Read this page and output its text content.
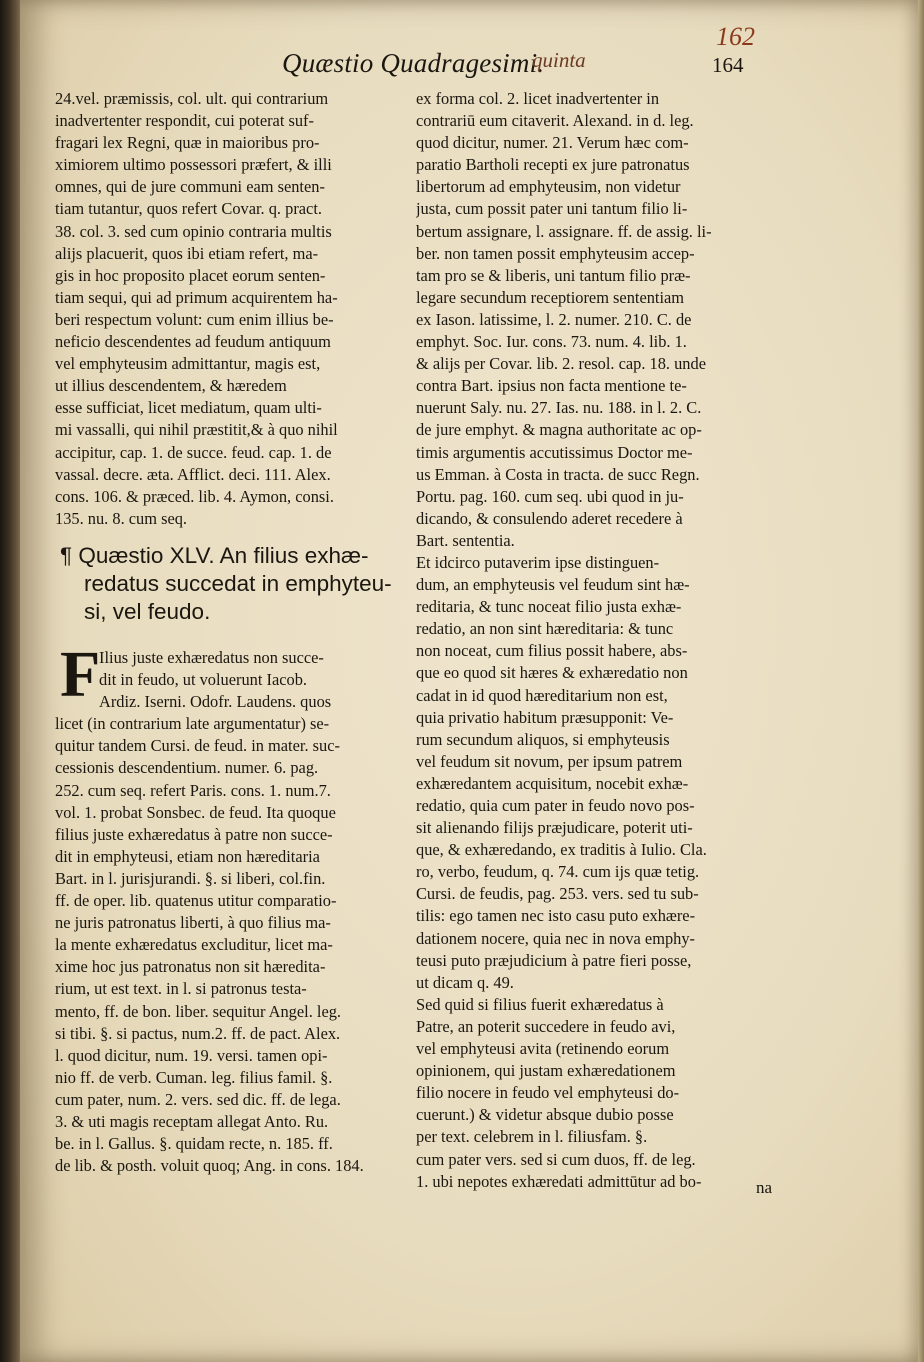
Quæstio Quadragesimi.
quinta	164
162
24.vel. præmissis, col. ult. qui contrarium
inadvertenter respondit, cui poterat suf-
fragari lex Regni, quæ in maioribus pro-
ximiorem ultimo possessori præfert, & illi
omnes, qui de jure communi eam senten-
tiam tutantur, quos refert Covar. q. pract.
38. col. 3. sed cum opinio contraria multis
alijs placuerit, quos ibi etiam refert, ma-
gis in hoc proposito placet eorum senten-
tiam sequi, qui ad primum acquirentem ha-
beri respectum volunt: cum enim illius be-
neficio descendentes ad feudum antiquum
vel emphyteusim admittantur, magis est,
ut illius descendentem, & hæredem
esse sufficiat, licet mediatum, quam ulti-
mi vassalli, qui nihil præstitit,& à quo nihil
accipitur, cap. 1. de succe. feud. cap. 1. de
vassal. decre. æta. Afflict. deci. 111. Alex.
cons. 106. & præced. lib. 4. Aymon, consi.
135. nu. 8. cum seq.
¶ Quæstio XLV. An filius exhæ-
redatus succedat in emphyteu-
si, vel feudo.
F
Ilius juste exhæredatus non succe-
dit in feudo, ut voluerunt Iacob.
Ardiz. Iserni. Odofr. Laudens. quos
licet (in contrarium late argumentatur) se-
quitur tandem Cursi. de feud. in mater. suc-
cessionis descendentium. numer. 6. pag.
252. cum seq. refert Paris. cons. 1. num.7.
vol. 1. probat Sonsbec. de feud. Ita quoque
filius juste exhæredatus à patre non succe-
dit in emphyteusi, etiam non hæreditaria
Bart. in l. jurisjurandi. §. si liberi, col.fin.
ff. de oper. lib. quatenus utitur comparatio-
ne juris patronatus liberti, à quo filius ma-
la mente exhæredatus excluditur, licet ma-
xime hoc jus patronatus non sit hæredita-
rium, ut est text. in l. si patronus testa-
mento, ff. de bon. liber. sequitur Angel. leg.
si tibi. §. si pactus, num.2. ff. de pact. Alex.
l. quod dicitur, num. 19. versi. tamen opi-
nio ff. de verb. Cuman. leg. filius famil. §.
cum pater, num. 2. vers. sed dic. ff. de lega.
3. & uti magis receptam allegat Anto. Ru.
be. in l. Gallus. §. quidam recte, n. 185. ff.
de lib. & posth. voluit quoq; Ang. in cons. 184.
ex forma col. 2. licet inadvertenter in
contrariū eum citaverit. Alexand. in d. leg.
quod dicitur, numer. 21. Verum hæc com-
paratio Bartholi recepti ex jure patronatus
libertorum ad emphyteusim, non videtur
justa, cum possit pater uni tantum filio li-
bertum assignare, l. assignare. ff. de assig. li-
ber. non tamen possit emphyteusim accep-
tam pro se & liberis, uni tantum filio præ-
legare secundum receptiorem sententiam
ex Iason. latissime, l. 2. numer. 210. C. de
emphyt. Soc. Iur. cons. 73. num. 4. lib. 1.
& alijs per Covar. lib. 2. resol. cap. 18. unde
contra Bart. ipsius non facta mentione te-
nuerunt Saly. nu. 27. Ias. nu. 188. in l. 2. C.
de jure emphyt. & magna authoritate ac op-
timis argumentis accutissimus Doctor me-
us Emman. à Costa in tracta. de succ Regn.
Portu. pag. 160. cum seq. ubi quod in ju-
dicando, & consulendo aderet recedere à
Bart. sententia.
Et idcirco putaverim ipse distinguen-
dum, an emphyteusis vel feudum sint hæ-
reditaria, & tunc noceat filio justa exhæ-
redatio, an non sint hæreditaria: & tunc
non noceat, cum filius possit habere, abs-
que eo quod sit hæres & exhæredatio non
cadat in id quod hæreditarium non est,
quia privatio habitum præsupponit: Ve-
rum secundum aliquos, si emphyteusis
vel feudum sit novum, per ipsum patrem
exhæredantem acquisitum, nocebit exhæ-
redatio, quia cum pater in feudo novo pos-
sit alienando filijs præjudicare, poterit uti-
que, & exhæredando, ex traditis à Iulio. Cla.
ro, verbo, feudum, q. 74. cum ijs quæ tetig.
Cursi. de feudis, pag. 253. vers. sed tu sub-
tilis: ego tamen nec isto casu puto exhære-
dationem nocere, quia nec in nova emphy-
teusi puto præjudicium à patre fieri posse,
ut dicam q. 49.
Sed quid si filius fuerit exhæredatus à
Patre, an poterit succedere in feudo avi,
vel emphyteusi avita (retinendo eorum
opinionem, qui justam exhæredationem
filio nocere in feudo vel emphyteusi do-
cuerunt.) & videtur absque dubio posse
per text. celebrem in l. filiusfam. §.
cum pater vers. sed si cum duos, ff. de leg.
1. ubi nepotes exhæredati admittūtur ad bo-	na
